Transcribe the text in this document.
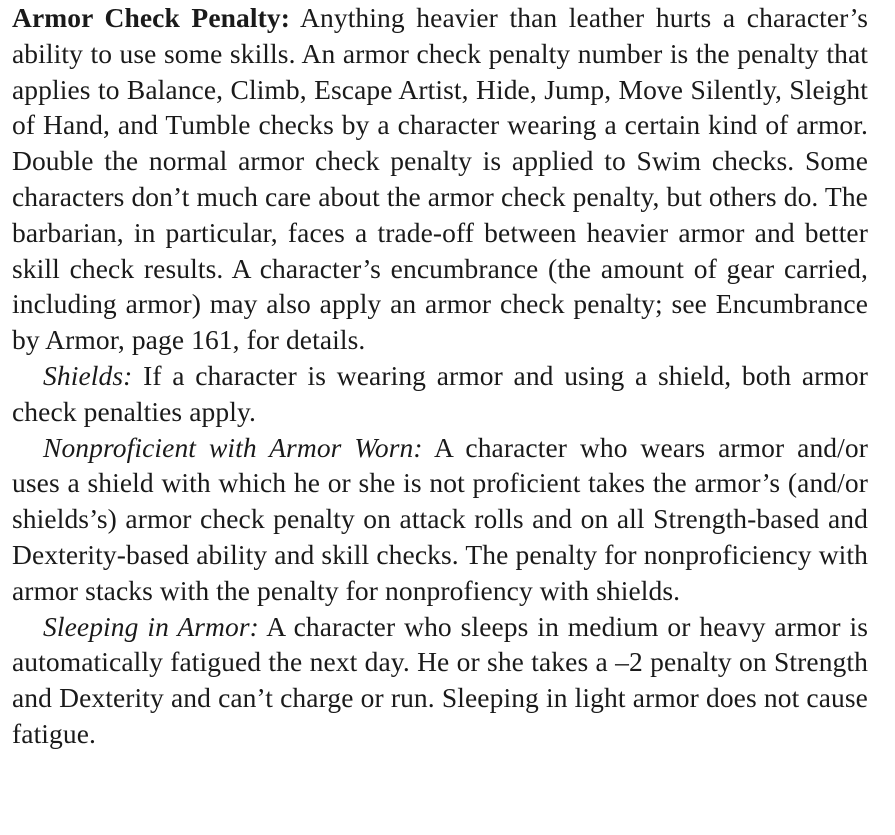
Armor Check Penalty: Anything heavier than leather hurts a character’s ability to use some skills. An armor check penalty number is the penalty that applies to Balance, Climb, Escape Artist, Hide, Jump, Move Silently, Sleight of Hand, and Tumble checks by a character wearing a certain kind of armor. Double the normal armor check penalty is applied to Swim checks. Some characters don’t much care about the armor check penalty, but others do. The barbarian, in particular, faces a trade-off between heavier armor and better skill check results. A character’s encumbrance (the amount of gear carried, including armor) may also apply an armor check penalty; see Encumbrance by Armor, page 161, for details.

Shields: If a character is wearing armor and using a shield, both armor check penalties apply.

Nonproficient with Armor Worn: A character who wears armor and/or uses a shield with which he or she is not proficient takes the armor’s (and/or shields’s) armor check penalty on attack rolls and on all Strength-based and Dexterity-based ability and skill checks. The penalty for nonproficiency with armor stacks with the penalty for nonprofiency with shields.

Sleeping in Armor: A character who sleeps in medium or heavy armor is automatically fatigued the next day. He or she takes a –2 penalty on Strength and Dexterity and can’t charge or run. Sleeping in light armor does not cause fatigue.
